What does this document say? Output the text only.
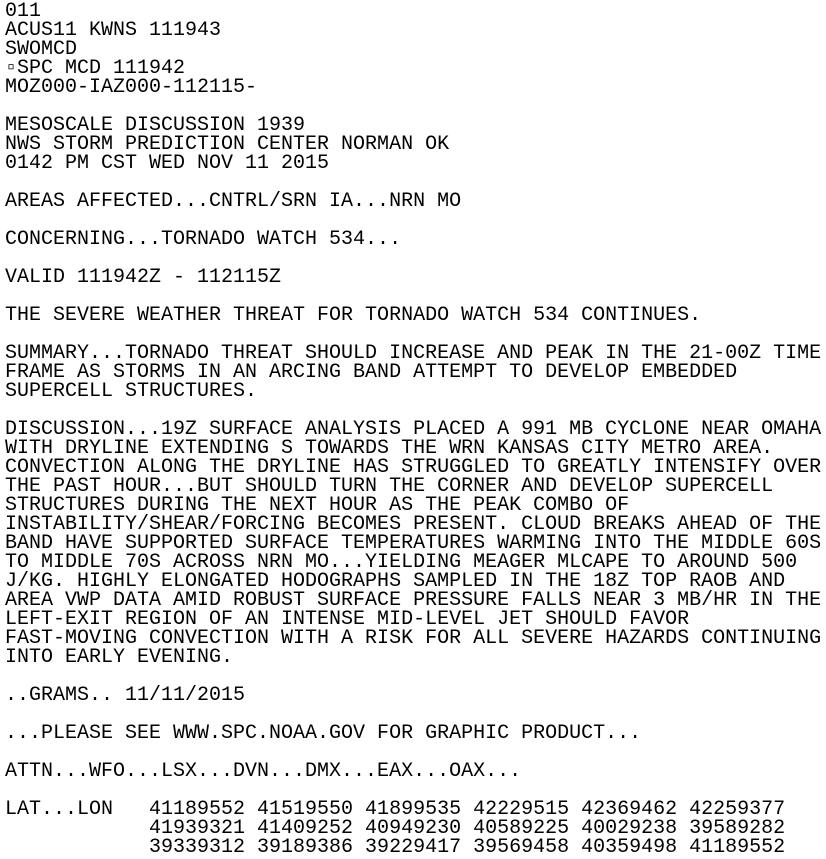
011
ACUS11 KWNS 111943
SWOMCD
▫SPC MCD 111942
MOZ000-IAZ000-112115-
MESOSCALE DISCUSSION 1939
NWS STORM PREDICTION CENTER NORMAN OK
0142 PM CST WED NOV 11 2015
AREAS AFFECTED...CNTRL/SRN IA...NRN MO
CONCERNING...TORNADO WATCH 534...
VALID 111942Z - 112115Z
THE SEVERE WEATHER THREAT FOR TORNADO WATCH 534 CONTINUES.
SUMMARY...TORNADO THREAT SHOULD INCREASE AND PEAK IN THE 21-00Z TIME
FRAME AS STORMS IN AN ARCING BAND ATTEMPT TO DEVELOP EMBEDDED
SUPERCELL STRUCTURES.
DISCUSSION...19Z SURFACE ANALYSIS PLACED A 991 MB CYCLONE NEAR OMAHA
WITH DRYLINE EXTENDING S TOWARDS THE WRN KANSAS CITY METRO AREA.
CONVECTION ALONG THE DRYLINE HAS STRUGGLED TO GREATLY INTENSIFY OVER
THE PAST HOUR...BUT SHOULD TURN THE CORNER AND DEVELOP SUPERCELL
STRUCTURES DURING THE NEXT HOUR AS THE PEAK COMBO OF
INSTABILITY/SHEAR/FORCING BECOMES PRESENT. CLOUD BREAKS AHEAD OF THE
BAND HAVE SUPPORTED SURFACE TEMPERATURES WARMING INTO THE MIDDLE 60S
TO MIDDLE 70S ACROSS NRN MO...YIELDING MEAGER MLCAPE TO AROUND 500
J/KG. HIGHLY ELONGATED HODOGRAPHS SAMPLED IN THE 18Z TOP RAOB AND
AREA VWP DATA AMID ROBUST SURFACE PRESSURE FALLS NEAR 3 MB/HR IN THE
LEFT-EXIT REGION OF AN INTENSE MID-LEVEL JET SHOULD FAVOR
FAST-MOVING CONVECTION WITH A RISK FOR ALL SEVERE HAZARDS CONTINUING
INTO EARLY EVENING.
..GRAMS.. 11/11/2015
...PLEASE SEE WWW.SPC.NOAA.GOV FOR GRAPHIC PRODUCT...
ATTN...WFO...LSX...DVN...DMX...EAX...OAX...
LAT...LON   41189552 41519550 41899535 42229515 42369462 42259377
41939321 41409252 40949230 40589225 40029238 39589282
39339312 39189386 39229417 39569458 40359498 41189552
